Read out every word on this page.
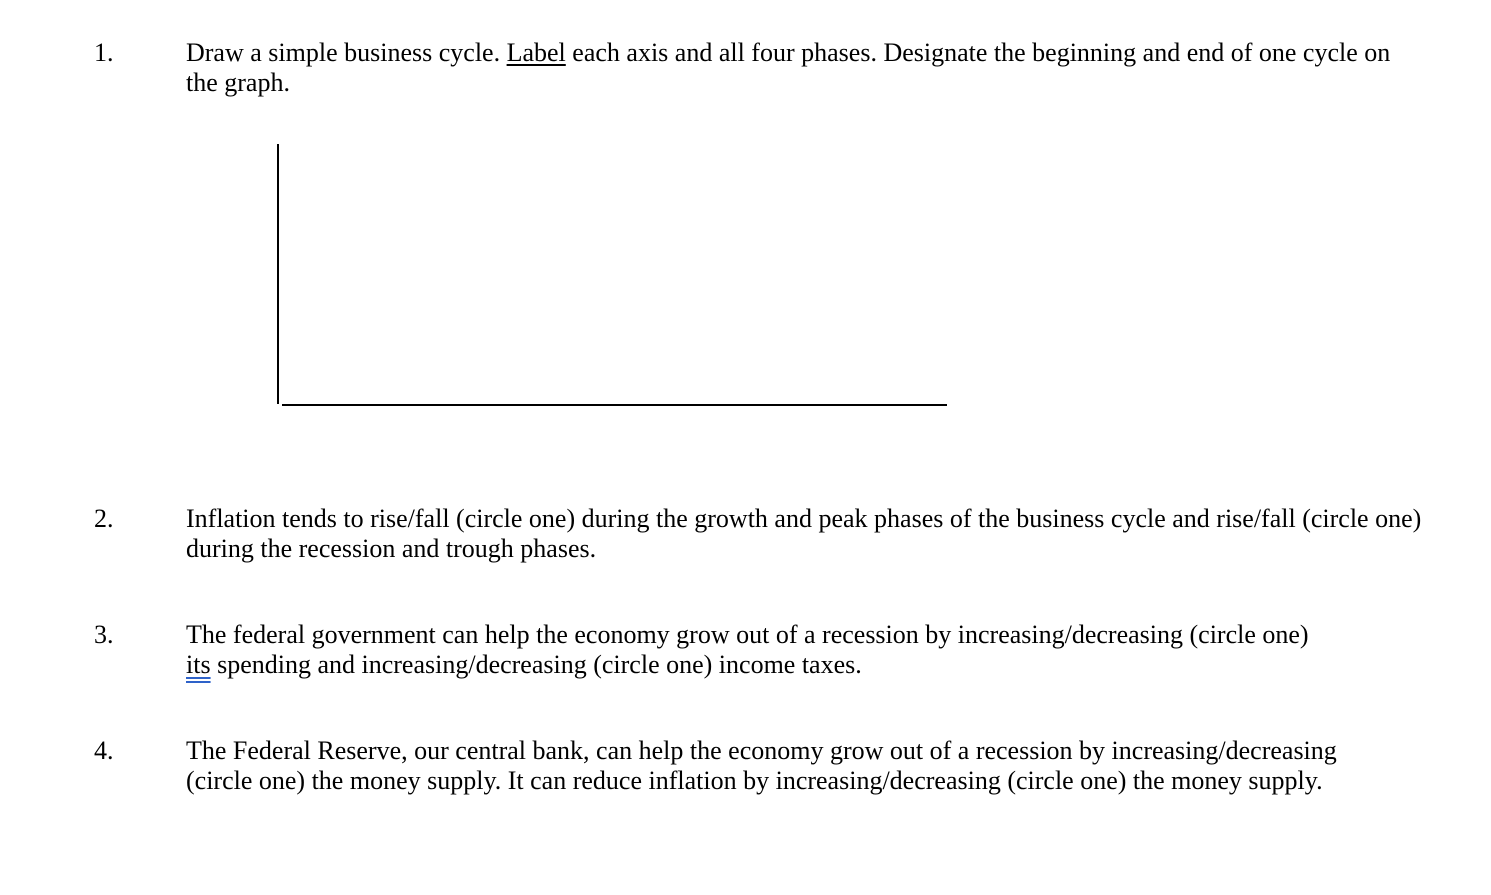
1.	Draw a simple business cycle. Label each axis and all four phases. Designate the beginning and end of one cycle on the graph.
2.	Inflation tends to rise/fall (circle one) during the growth and peak phases of the business cycle and rise/fall (circle one) during the recession and trough phases.
3.	The federal government can help the economy grow out of a recession by increasing/decreasing (circle one) its spending and increasing/decreasing (circle one) income taxes.
4.	The Federal Reserve, our central bank, can help the economy grow out of a recession by increasing/decreasing (circle one) the money supply. It can reduce inflation by increasing/decreasing (circle one) the money supply.
